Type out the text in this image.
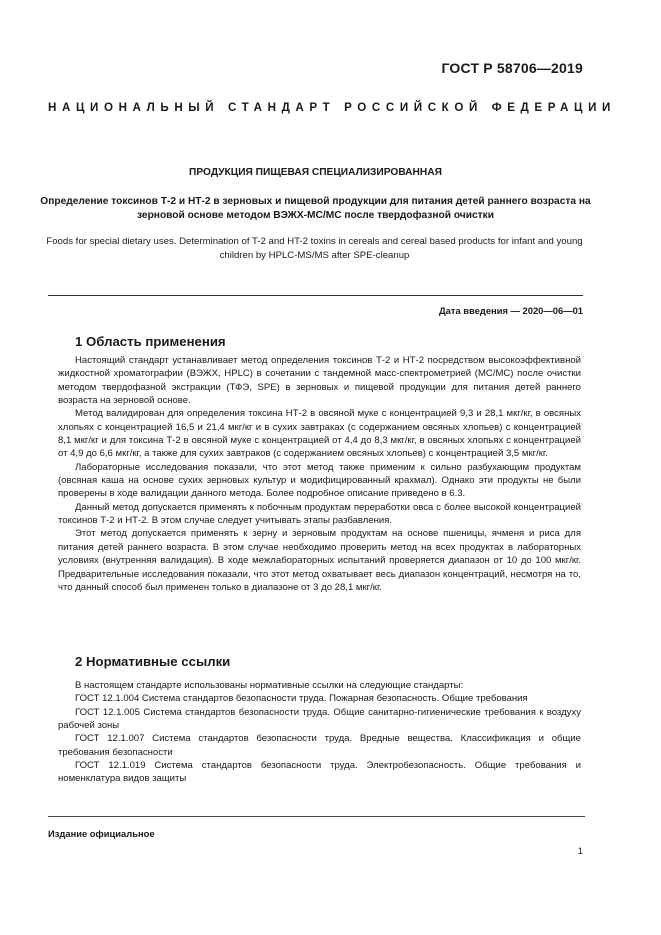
ГОСТ Р 58706—2019
НАЦИОНАЛЬНЫЙ СТАНДАРТ РОССИЙСКОЙ ФЕДЕРАЦИИ
ПРОДУКЦИЯ ПИЩЕВАЯ СПЕЦИАЛИЗИРОВАННАЯ
Определение токсинов Т-2 и НТ-2 в зерновых и пищевой продукции для питания детей раннего возраста на зерновой основе методом ВЭЖХ-МС/МС после твердофазной очистки
Foods for special dietary uses. Determination of T-2 and HT-2 toxins in cereals and cereal based products for infant and young children by HPLC-MS/MS after SPE-cleanup
Дата введения — 2020—06—01
1 Область применения

Настоящий стандарт устанавливает метод определения токсинов Т-2 и НТ-2 посредством высокоэффективной жидкостной хроматографии (ВЭЖХ, HPLC) в сочетании с тандемной масс-спектрометрией (МС/МС) после очистки методом твердофазной экстракции (ТФЭ, SPE) в зерновых и пищевой продукции для питания детей раннего возраста на зерновой основе.

Метод валидирован для определения токсина НТ-2 в овсяной муке с концентрацией 9,3 и 28,1 мкг/кг, в овсяных хлопьях с концентрацией 16,5 и 21,4 мкг/кг и в сухих завтраках (с содержанием овсяных хлопьев) с концентрацией 8,1 мкг/кг и для токсина Т-2 в овсяной муке с концентрацией от 4,4 до 8,3 мкг/кг, в овсяных хлопьях с концентрацией от 4,9 до 6,6 мкг/кг, а также для сухих завтраков (с содержанием овсяных хлопьев) с концентрацией 3,5 мкг/кг.

Лабораторные исследования показали, что этот метод также применим к сильно разбухающим продуктам (овсяная каша на основе сухих зерновых культур и модифицированный крахмал). Однако эти продукты не были проверены в ходе валидации данного метода. Более подробное описание приведено в 6.3.

Данный метод допускается применять к побочным продуктам переработки овса с более высокой концентрацией токсинов Т-2 и НТ-2. В этом случае следует учитывать этапы разбавления.

Этот метод допускается применять к зерну и зерновым продуктам на основе пшеницы, ячменя и риса для питания детей раннего возраста. В этом случае необходимо проверить метод на всех продуктах в лабораторных условиях (внутренняя валидация). В ходе межлабораторных испытаний проверяется диапазон от 10 до 100 мкг/кг. Предварительные исследования показали, что этот метод охватывает весь диапазон концентраций, несмотря на то, что данный способ был применен только в диапазоне от 3 до 28,1 мкг/кг.

2 Нормативные ссылки

В настоящем стандарте использованы нормативные ссылки на следующие стандарты:

ГОСТ 12.1.004 Система стандартов безопасности труда. Пожарная безопасность. Общие требования

ГОСТ 12.1.005 Система стандартов безопасности труда. Общие санитарно-гигиенические требования к воздуху рабочей зоны

ГОСТ 12.1.007 Система стандартов безопасности труда. Вредные вещества. Классификация и общие требования безопасности

ГОСТ 12.1.019 Система стандартов безопасности труда. Электробезопасность. Общие требования и номенклатура видов защиты

Издание официальное
1
